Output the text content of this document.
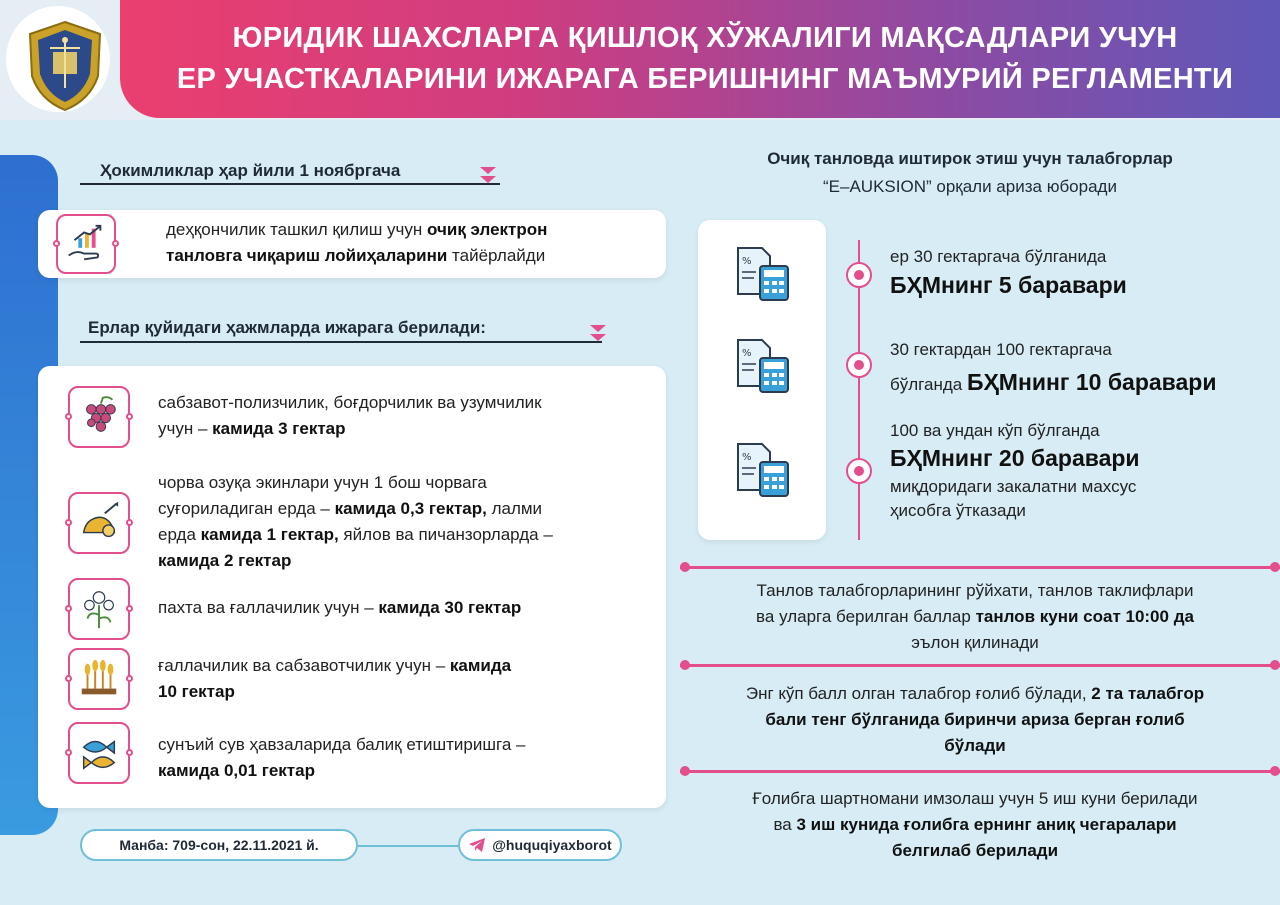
ЮРИДИК ШАХСЛАРГА ҚИШЛОҚ ХЎЖАЛИГИ МАҚСАДЛАРИ УЧУН
ЕР УЧАСТКАЛАРИНИ ИЖАРАГА БЕРИШНИНГ МАЪМУРИЙ РЕГЛАМЕНТИ
Ҳокимликлар ҳар йили 1 ноябргача
деҳқончилик ташкил қилиш учун очиқ электрон
танловга чиқариш лойиҳаларини тайёрлайди
Ерлар қуйидаги ҳажмларда ижарага берилади:
сабзавот-полизчилик, боғдорчилик ва узумчилик
учун – камида 3 гектар
чорва озуқа экинлари учун 1 бош чорвага
суғориладиган ерда – камида 0,3 гектар, лалми
ерда камида 1 гектар, яйлов ва пичанзорларда –
камида 2 гектар
пахта ва ғаллачилик учун – камида 30 гектар
ғаллачилик ва сабзавотчилик учун – камида
10 гектар
сунъий сув ҳавзаларида балиқ етиштиришга –
камида 0,01 гектар
Очиқ танловда иштирок этиш учун талабгорлар
“E–AUKSION” орқали ариза юборади
%
%
%
ер 30 гектаргача бўлганида
БҲМнинг 5 баравари
30 гектардан 100 гектаргача
бўлганда БҲМнинг 10 баравари
100 ва ундан кўп бўлганда
БҲМнинг 20 баравари
миқдоридаги закалатни махсус
ҳисобга ўтказади
Танлов талабгорларининг рўйхати, танлов таклифлари
ва уларга берилган баллар танлов куни соат 10:00 да
эълон қилинади
Энг кўп балл олган талабгор ғолиб бўлади, 2 та талабгор
бали тенг бўлганида биринчи ариза берган ғолиб
бўлади
Ғолибга шартномани имзолаш учун 5 иш куни берилади
ва 3 иш кунида ғолибга ернинг аниқ чегаралари
белгилаб берилади
Манба: 709-сон, 22.11.2021 й.	@huquqiyaxborot
